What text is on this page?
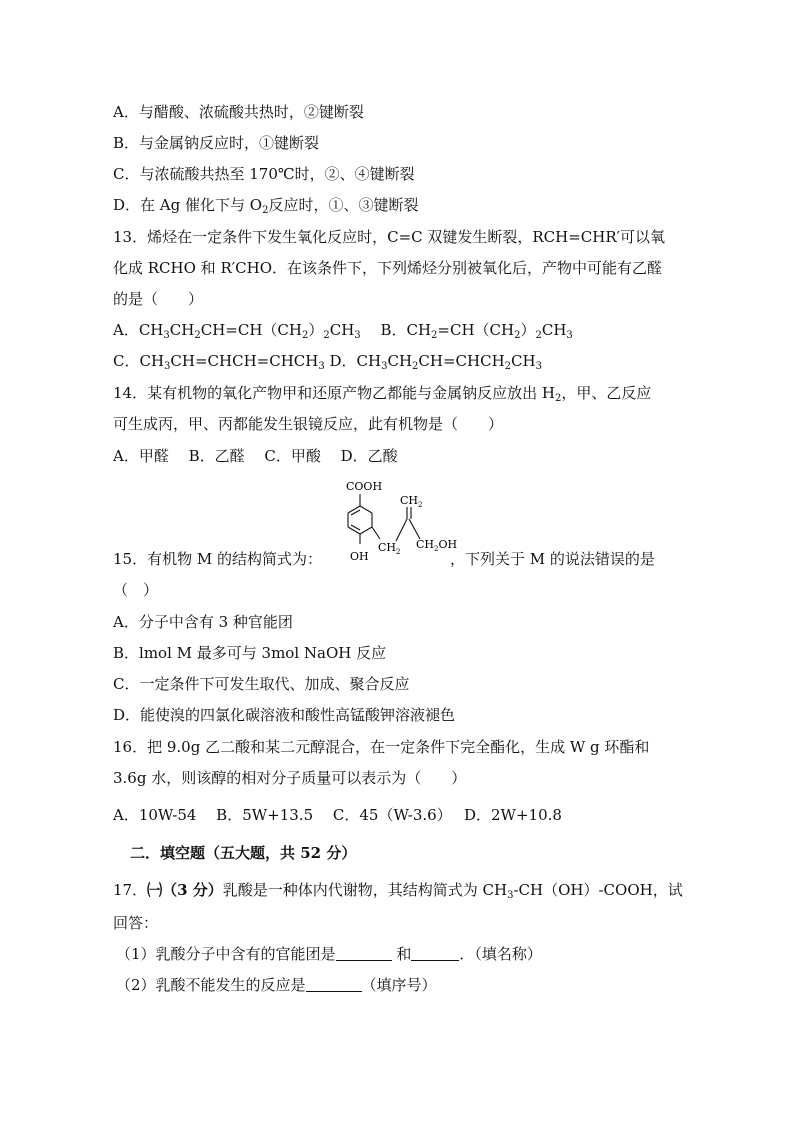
A．与醋酸、浓硫酸共热时，②键断裂
B．与金属钠反应时，①键断裂
C．与浓硫酸共热至 170℃时，②、④键断裂
D．在 Ag 催化下与 $O_2$反应时，①、③键断裂
13．烯烃在一定条件下发生氧化反应时，C=C 双键发生断裂，RCH=CHR′可以氧
化成 RCHO 和 R′CHO．在该条件下，下列烯烃分别被氧化后，产物中可能有乙醛
的是（　　）
A．$CH_3CH_2CH=CH(CH_2)_2CH_3$　 B．$CH_2=CH(CH_2)_2CH_3$
C．$CH_3CH=CHCH=CHCH_3$ D．$CH_3CH_2CH=CHCH_2CH_3$
14．某有机物的氧化产物甲和还原产物乙都能与金属钠反应放出 $H_2$，甲、乙反应
可生成丙，甲、丙都能发生银镜反应，此有机物是（　　）
A．甲醛　 B．乙醛　 C．甲酸　 D．乙酸
COOH
$CH_2$
$CH_2$
$CH_2OH$
OH
15．有机物 M 的结构简式为：	，下列关于 M 的说法错误的是
（　）
A．分子中含有 3 种官能团
B．lmol M 最多可与 3mol NaOH 反应
C．一定条件下可发生取代、加成、聚合反应
D．能使溴的四氯化碳溶液和酸性高锰酸钾溶液褪色
16．把 9.0g 乙二酸和某二元醇混合，在一定条件下完全酯化，生成 W g 环酯和
3.6g 水，则该醇的相对分子质量可以表示为（　　）
A．10W-54　 B．5W+13.5　 C．45（W-3.6）　 D．2W+10.8
二．填空题（五大题，共 52 分）
17．㈠（3 分）乳酸是一种体内代谢物，其结构简式为 $CH_3-CH(OH)$-COOH，试
回答：
（1）乳酸分子中含有的官能团是	和	．（填名称）
（2）乳酸不能发生的反应是	（填序号）
